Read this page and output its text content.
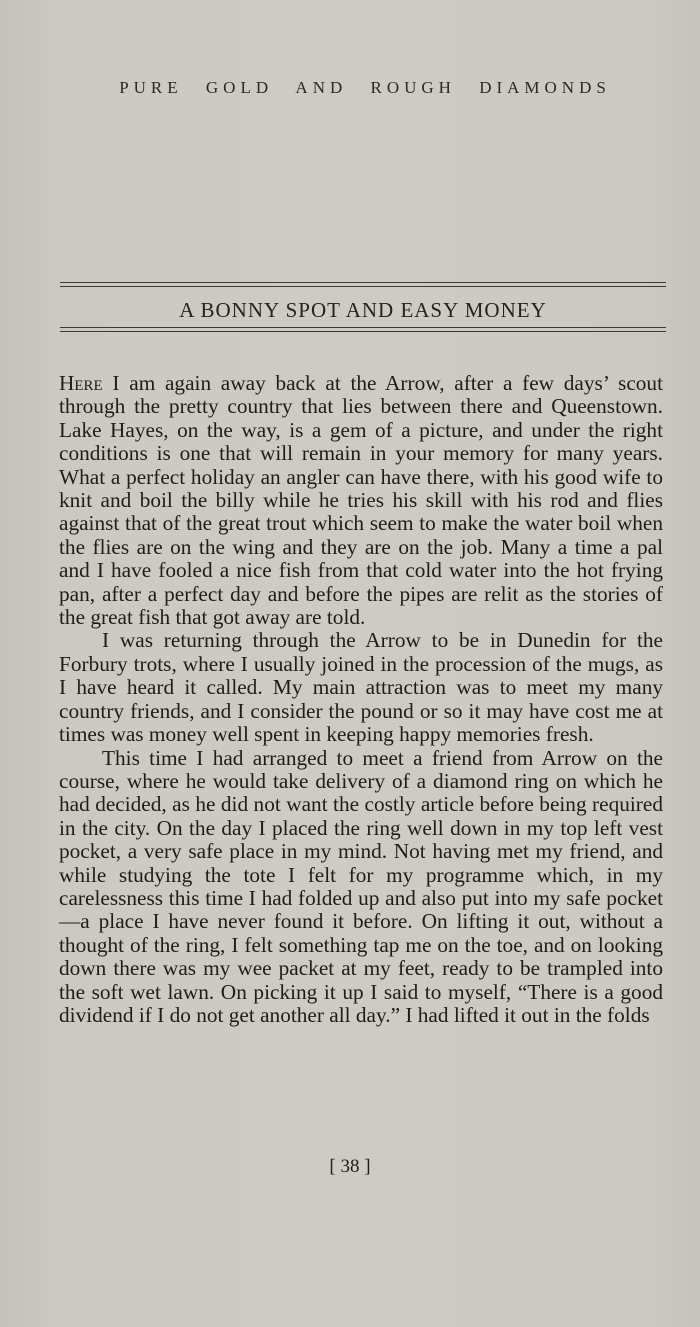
PURE GOLD AND ROUGH DIAMONDS
A BONNY SPOT AND EASY MONEY

Here I am again away back at the Arrow, after a few days’ scout through the pretty country that lies between there and Queenstown. Lake Hayes, on the way, is a gem of a picture, and under the right conditions is one that will remain in your memory for many years. What a perfect holiday an angler can have there, with his good wife to knit and boil the billy while he tries his skill with his rod and flies against that of the great trout which seem to make the water boil when the flies are on the wing and they are on the job. Many a time a pal and I have fooled a nice fish from that cold water into the hot frying pan, after a perfect day and before the pipes are relit as the stories of the great fish that got away are told.

I was returning through the Arrow to be in Dunedin for the Forbury trots, where I usually joined in the procession of the mugs, as I have heard it called. My main attraction was to meet my many country friends, and I consider the pound or so it may have cost me at times was money well spent in keeping happy memories fresh.

This time I had arranged to meet a friend from Arrow on the course, where he would take delivery of a diamond ring on which he had decided, as he did not want the costly article before being required in the city. On the day I placed the ring well down in my top left vest pocket, a very safe place in my mind. Not having met my friend, and while studying the tote I felt for my programme which, in my carelessness this time I had folded up and also put into my safe pocket—a place I have never found it before. On lifting it out, without a thought of the ring, I felt something tap me on the toe, and on looking down there was my wee packet at my feet, ready to be trampled into the soft wet lawn. On picking it up I said to myself, “There is a good dividend if I do not get another all day.” I had lifted it out in the folds

[ 38 ]
